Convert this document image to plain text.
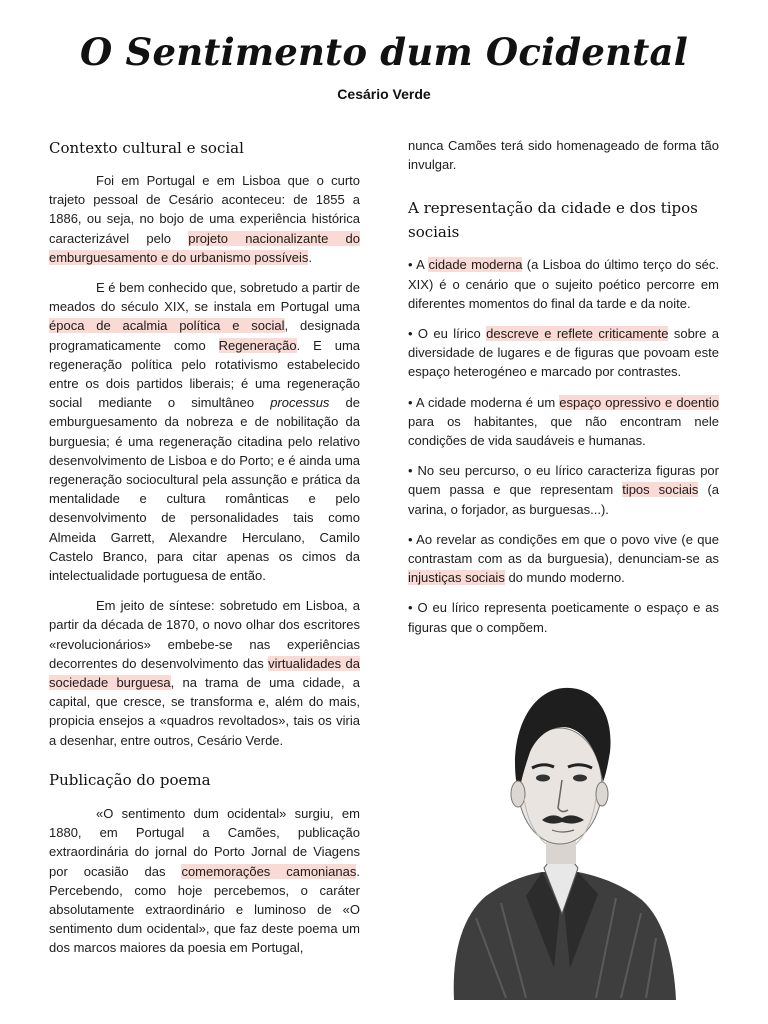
O Sentimento dum Ocidental
Cesário Verde
Contexto cultural e social

Foi em Portugal e em Lisboa que o curto trajeto pessoal de Cesário aconteceu: de 1855 a 1886, ou seja, no bojo de uma experiência histórica caracterizável pelo projeto nacionalizante do emburguesamento e do urbanismo possíveis.

E é bem conhecido que, sobretudo a partir de meados do século XIX, se instala em Portugal uma época de acalmia política e social, designada programaticamente como Regeneração. E uma regeneração política pelo rotativismo estabelecido entre os dois partidos liberais; é uma regeneração social mediante o simultâneo processus de emburguesamento da nobreza e de nobilitação da burguesia; é uma regeneração citadina pelo relativo desenvolvimento de Lisboa e do Porto; e é ainda uma regeneração sociocultural pela assunção e prática da mentalidade e cultura românticas e pelo desenvolvimento de personalidades tais como Almeida Garrett, Alexandre Herculano, Camilo Castelo Branco, para citar apenas os cimos da intelectualidade portuguesa de então.

Em jeito de síntese: sobretudo em Lisboa, a partir da década de 1870, o novo olhar dos escritores «revolucionários» embebe-se nas experiências decorrentes do desenvolvimento das virtualidades da sociedade burguesa, na trama de uma cidade, a capital, que cresce, se transforma e, além do mais, propicia ensejos a «quadros revoltados», tais os viria a desenhar, entre outros, Cesário Verde.

Publicação do poema

«O sentimento dum ocidental» surgiu, em 1880, em Portugal a Camões, publicação extraordinária do jornal do Porto Jornal de Viagens por ocasião das comemorações camonianas. Percebendo, como hoje percebemos, o caráter absolutamente extraordinário e luminoso de «O sentimento dum ocidental», que faz deste poema um dos marcos maiores da poesia em Portugal,

nunca Camões terá sido homenageado de forma tão invulgar.

A representação da cidade e dos tipos sociais

• A cidade moderna (a Lisboa do último terço do séc. XIX) é o cenário que o sujeito poético percorre em diferentes momentos do final da tarde e da noite.

• O eu lírico descreve e reflete criticamente sobre a diversidade de lugares e de figuras que povoam este espaço heterogéneo e marcado por contrastes.

• A cidade moderna é um espaço opressivo e doentio para os habitantes, que não encontram nele condições de vida saudáveis e humanas.

• No seu percurso, o eu lírico caracteriza figuras por quem passa e que representam tipos sociais (a varina, o forjador, as burguesas...).

• Ao revelar as condições em que o povo vive (e que contrastam com as da burguesia), denunciam-se as injustiças sociais do mundo moderno.

• O eu lírico representa poeticamente o espaço e as figuras que o compõem.
